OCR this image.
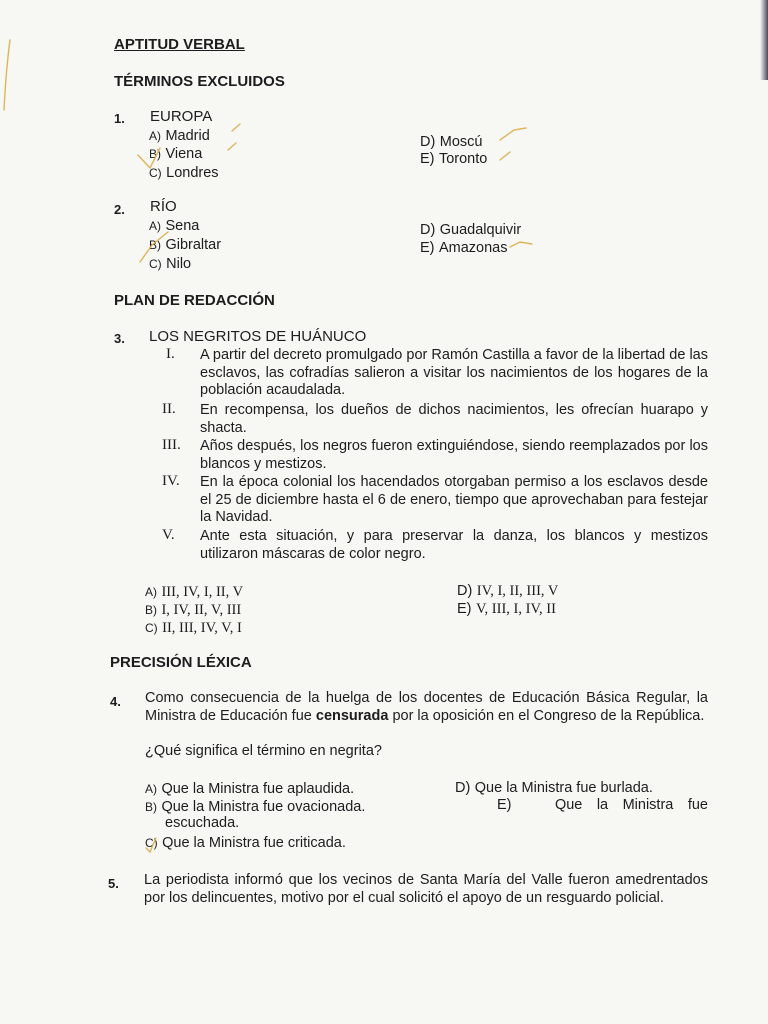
APTITUD VERBAL
TÉRMINOS EXCLUIDOS
1. EUROPA
A) Madrid
B) Viena
C) Londres
D) Moscú
E) Toronto
2. RÍO
A) Sena
B) Gibraltar
C) Nilo
D) Guadalquivir
E) Amazonas
PLAN DE REDACCIÓN
3. LOS NEGRITOS DE HUÁNUCO
I. A partir del decreto promulgado por Ramón Castilla a favor de la libertad de las esclavos, las cofradías salieron a visitar los nacimientos de los hogares de la población acaudalada.
II. En recompensa, los dueños de dichos nacimientos, les ofrecían huarapo y shacta.
III. Años después, los negros fueron extinguiéndose, siendo reemplazados por los blancos y mestizos.
IV. En la época colonial los hacendados otorgaban permiso a los esclavos desde el 25 de diciembre hasta el 6 de enero, tiempo que aprovechaban para festejar la Navidad.
V. Ante esta situación, y para preservar la danza, los blancos y mestizos utilizaron máscaras de color negro.
A) III, IV, I, II, V
B) I, IV, II, V, III
C) II, III, IV, V, I
D) IV, I, II, III, V
E) V, III, I, IV, II
PRECISIÓN LÉXICA
4. Como consecuencia de la huelga de los docentes de Educación Básica Regular, la Ministra de Educación fue censurada por la oposición en el Congreso de la República.
¿Qué significa el término en negrita?
A) Que la Ministra fue aplaudida.
B) Que la Ministra fue ovacionada.
C) Que la Ministra fue criticada.
D) Que la Ministra fue burlada.
E)	Que la Ministra fue escuchada.
5. La periodista informó que los vecinos de Santa María del Valle fueron amedrentados por los delincuentes, motivo por el cual solicitó el apoyo de un resguardo policial.
